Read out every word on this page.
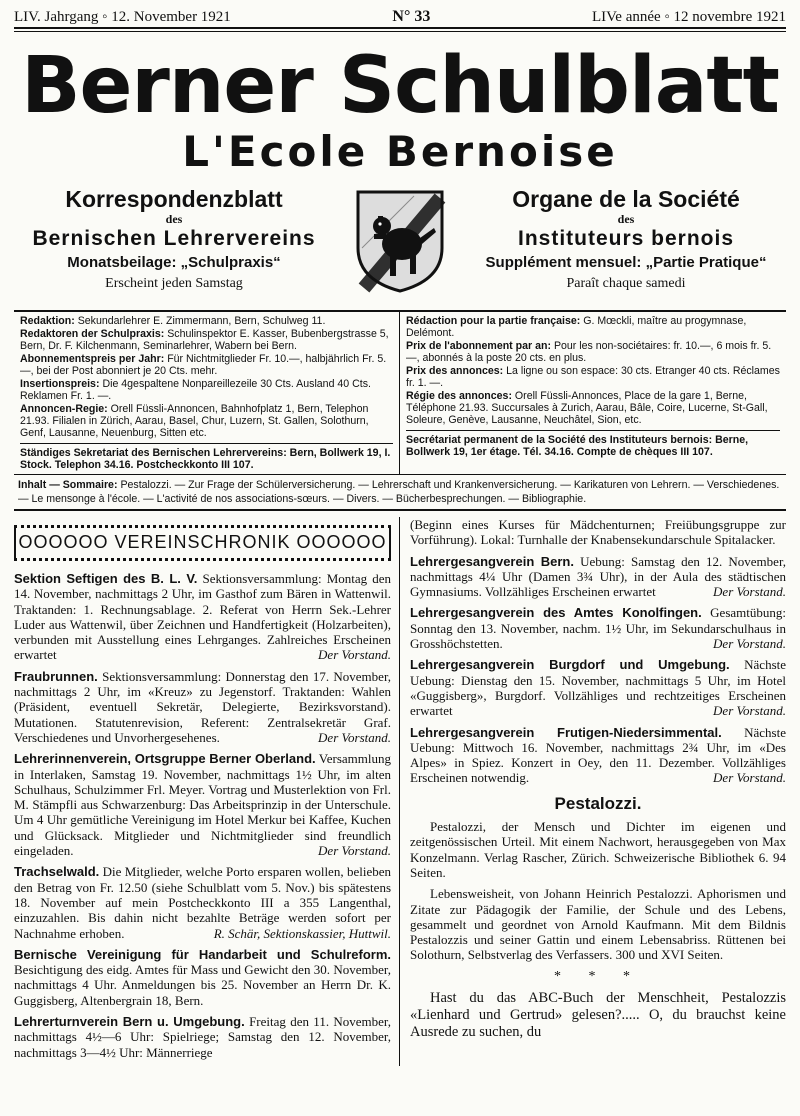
LIV. Jahrgang ◦ 12. November 1921	N° 33	LIVe année ◦ 12 novembre 1921
Berner Schulblatt
L'Ecole Bernoise
Korrespondenzblatt
des
Bernischen Lehrervereins
Monatsbeilage: „Schulpraxis“
Erscheint jeden Samstag
Organe de la Société
des
Instituteurs bernois
Supplément mensuel: „Partie Pratique“
Paraît chaque samedi

Redaktion: Sekundarlehrer E. Zimmermann, Bern, Schulweg 11.

Redaktoren der Schulpraxis: Schulinspektor E. Kasser, Bubenbergstrasse 5, Bern, Dr. F. Kilchenmann, Seminarlehrer, Wabern bei Bern.

Abonnementspreis per Jahr: Für Nichtmitglieder Fr. 10.—, halbjährlich Fr. 5.—, bei der Post abonniert je 20 Cts. mehr.

Insertionspreis: Die 4gespaltene Nonpareillezeile 30 Cts. Ausland 40 Cts. Reklamen Fr. 1. —.

Annoncen-Regie: Orell Füssli-Annoncen, Bahnhofplatz 1, Bern, Telephon 21.93. Filialen in Zürich, Aarau, Basel, Chur, Luzern, St. Gallen, Solothurn, Genf, Lausanne, Neuenburg, Sitten etc.

Ständiges Sekretariat des Bernischen Lehrervereins: Bern, Bollwerk 19, I. Stock. Telephon 34.16. Postcheckkonto III 107.

Rédaction pour la partie française: G. Mœckli, maître au progymnase, Delémont.

Prix de l'abonnement par an: Pour les non-sociétaires: fr. 10.—, 6 mois fr. 5.—, abonnés à la poste 20 cts. en plus.

Prix des annonces: La ligne ou son espace: 30 cts. Etranger 40 cts. Réclames fr. 1. —.

Régie des annonces: Orell Füssli-Annonces, Place de la gare 1, Berne, Téléphone 21.93. Succursales à Zurich, Aarau, Bâle, Coire, Lucerne, St-Gall, Soleure, Genève, Lausanne, Neuchâtel, Sion, etc.

Secrétariat permanent de la Société des Instituteurs bernois: Berne, Bollwerk 19, 1er étage. Tél. 34.16. Compte de chèques III 107.
Inhalt — Sommaire: Pestalozzi. — Zur Frage der Schülerversicherung. — Lehrerschaft und Krankenversicherung. — Karikaturen von Lehrern. — Verschiedenes. — Le mensonge à l'école. — L'activité de nos associations-sœurs. — Divers. — Bücherbesprechungen. — Bibliographie.
OOOOOO VEREINSCHRONIK OOOOOO

Sektion Seftigen des B. L. V. Sektionsversammlung: Montag den 14. November, nachmittags 2 Uhr, im Gasthof zum Bären in Wattenwil. Traktanden: 1. Rechnungsablage. 2. Referat von Herrn Sek.-Lehrer Luder aus Wattenwil, über Zeichnen und Handfertigkeit (Holzarbeiten), verbunden mit Ausstellung eines Lehrganges. Zahlreiches Erscheinen erwartet	Der Vorstand.

Fraubrunnen. Sektionsversammlung: Donnerstag den 17. November, nachmittags 2 Uhr, im «Kreuz» zu Jegenstorf. Traktanden: Wahlen (Präsident, eventuell Sekretär, Delegierte, Bezirksvorstand). Mutationen. Statutenrevision, Referent: Zentralsekretär Graf. Verschiedenes und Unvorhergesehenes.	Der Vorstand.

Lehrerinnenverein, Ortsgruppe Berner Oberland. Versammlung in Interlaken, Samstag 19. November, nachmittags 1½ Uhr, im alten Schulhaus, Schulzimmer Frl. Meyer. Vortrag und Musterlektion von Frl. M. Stämpfli aus Schwarzenburg: Das Arbeitsprinzip in der Unterschule. Um 4 Uhr gemütliche Vereinigung im Hotel Merkur bei Kaffee, Kuchen und Glücksack. Mitglieder und Nichtmitglieder sind freundlich eingeladen.	Der Vorstand.

Trachselwald. Die Mitglieder, welche Porto ersparen wollen, belieben den Betrag von Fr. 12.50 (siehe Schulblatt vom 5. Nov.) bis spätestens 18. November auf mein Postcheckkonto III a 355 Langenthal, einzuzahlen. Bis dahin nicht bezahlte Beträge werden sofort per Nachnahme erhoben.	R. Schär, Sektionskassier, Huttwil.

Bernische Vereinigung für Handarbeit und Schulreform. Besichtigung des eidg. Amtes für Mass und Gewicht den 30. November, nachmittags 4 Uhr. Anmeldungen bis 25. November an Herrn Dr. K. Guggisberg, Altenbergrain 18, Bern.

Lehrerturnverein Bern u. Umgebung. Freitag den 11. November, nachmittags 4½—6 Uhr: Spielriege; Samstag den 12. November, nachmittags 3—4½ Uhr: Männerriege

(Beginn eines Kurses für Mädchenturnen; Freiübungsgruppe zur Vorführung). Lokal: Turnhalle der Knabensekundarschule Spitalacker.

Lehrergesangverein Bern. Uebung: Samstag den 12. November, nachmittags 4¼ Uhr (Damen 3¾ Uhr), in der Aula des städtischen Gymnasiums. Vollzähliges Erscheinen erwartet	Der Vorstand.

Lehrergesangverein des Amtes Konolfingen. Gesamtübung: Sonntag den 13. November, nachm. 1½ Uhr, im Sekundarschulhaus in Grosshöchstetten.	Der Vorstand.

Lehrergesangverein Burgdorf und Umgebung. Nächste Uebung: Dienstag den 15. November, nachmittags 5 Uhr, im Hotel «Guggisberg», Burgdorf. Vollzähliges und rechtzeitiges Erscheinen erwartet	Der Vorstand.

Lehrergesangverein Frutigen-Niedersimmental. Nächste Uebung: Mittwoch 16. November, nachmittags 2¾ Uhr, im «Des Alpes» in Spiez. Konzert in Oey, den 11. Dezember. Vollzähliges Erscheinen notwendig.	Der Vorstand.

Pestalozzi.

Pestalozzi, der Mensch und Dichter im eigenen und zeitgenössischen Urteil. Mit einem Nachwort, herausgegeben von Max Konzelmann. Verlag Rascher, Zürich. Schweizerische Bibliothek 6. 94 Seiten.

Lebensweisheit, von Johann Heinrich Pestalozzi. Aphorismen und Zitate zur Pädagogik der Familie, der Schule und des Lebens, gesammelt und geordnet von Arnold Kaufmann. Mit dem Bildnis Pestalozzis und seiner Gattin und einem Lebensabriss. Rüttenen bei Solothurn, Selbstverlag des Verfassers. 300 und XVI Seiten.

* * *

Hast du das ABC-Buch der Menschheit, Pestalozzis «Lienhard und Gertrud» gelesen?..... O, du brauchst keine Ausrede zu suchen, du
